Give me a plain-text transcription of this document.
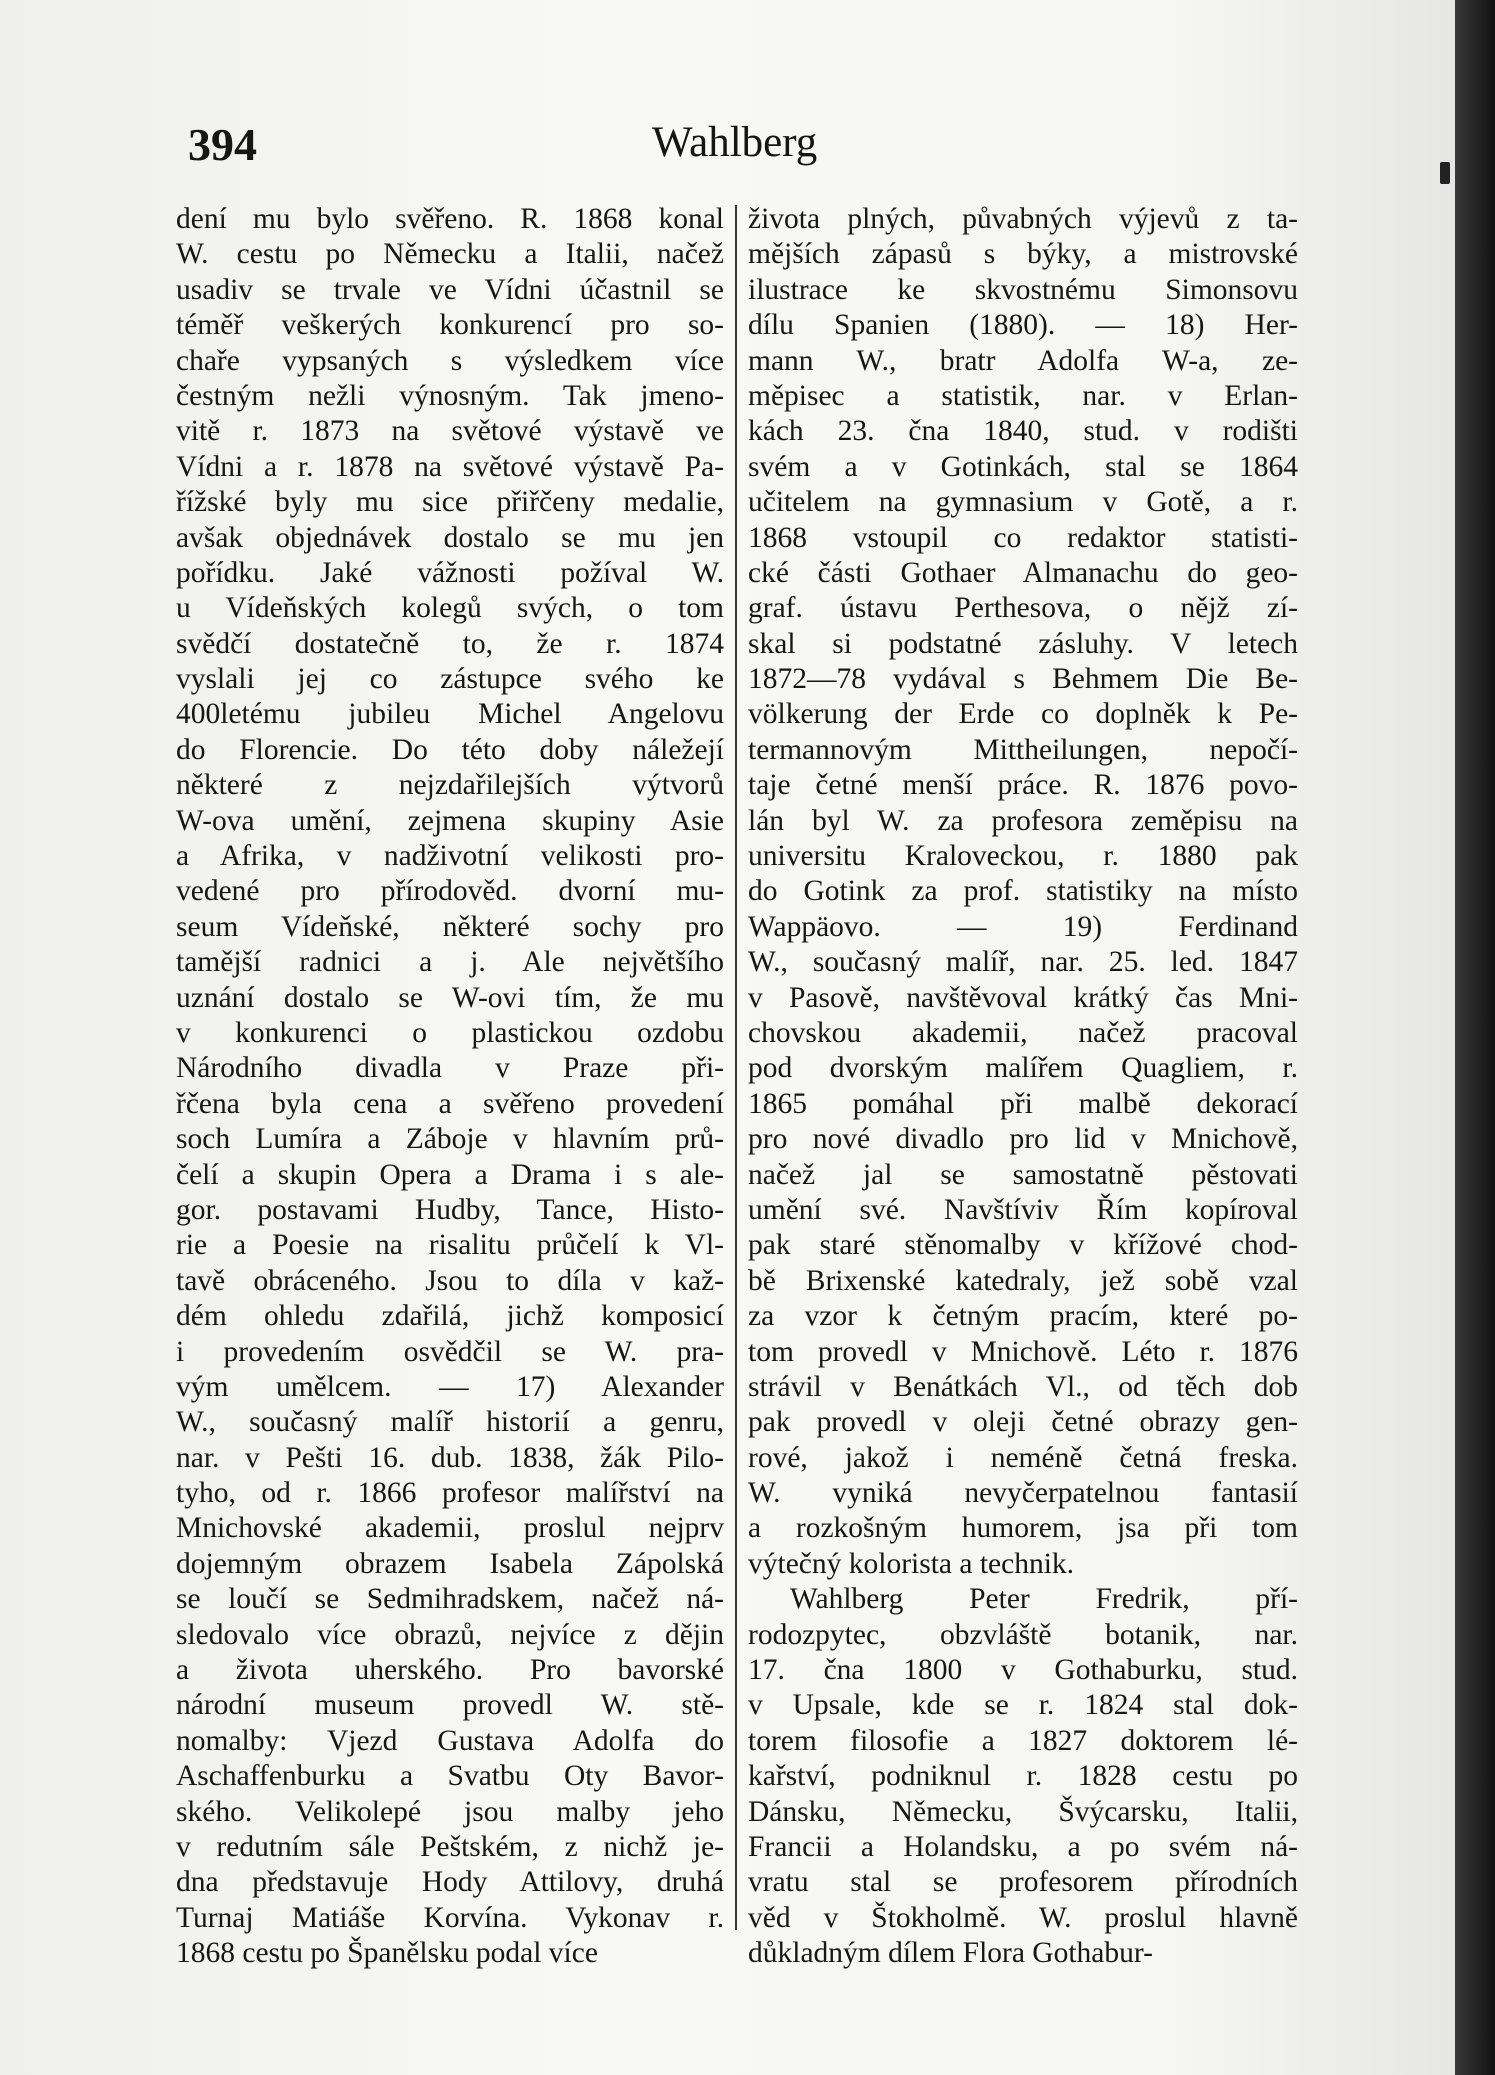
394	Wahlberg
dení mu bylo svěřeno. R. 1868 konal
W. cestu po Německu a Italii, načež
usadiv se trvale ve Vídni účastnil se
téměř veškerých konkurencí pro so-
chaře vypsaných s výsledkem více
čestným nežli výnosným. Tak jmeno-
vitě r. 1873 na světové výstavě ve
Vídni a r. 1878 na světové výstavě Pa-
řížské byly mu sice přiřčeny medalie,
avšak objednávek dostalo se mu jen
pořídku. Jaké vážnosti požíval W.
u Vídeňských kolegů svých, o tom
svědčí dostatečně to, že r. 1874
vyslali jej co zástupce svého ke
400letému jubileu Michel Angelovu
do Florencie. Do této doby náležejí
některé z nejzdařilejších výtvorů
W-ova umění, zejmena skupiny Asie
a Afrika, v nadživotní velikosti pro-
vedené pro přírodověd. dvorní mu-
seum Vídeňské, některé sochy pro
tamější radnici a j. Ale největšího
uznání dostalo se W-ovi tím, že mu
v konkurenci o plastickou ozdobu
Národního divadla v Praze při-
řčena byla cena a svěřeno provedení
soch Lumíra a Záboje v hlavním prů-
čelí a skupin Opera a Drama i s ale-
gor. postavami Hudby, Tance, Histo-
rie a Poesie na risalitu průčelí k Vl-
tavě obráceného. Jsou to díla v kaž-
dém ohledu zdařilá, jichž komposicí
i provedením osvědčil se W. pra-
vým umělcem. — 17) Alexander
W., současný malíř historií a genru,
nar. v Pešti 16. dub. 1838, žák Pilo-
tyho, od r. 1866 profesor malířství na
Mnichovské akademii, proslul nejprv
dojemným obrazem Isabela Zápolská
se loučí se Sedmihradskem, načež ná-
sledovalo více obrazů, nejvíce z dějin
a života uherského. Pro bavorské
národní museum provedl W. stě-
nomalby: Vjezd Gustava Adolfa do
Aschaffenburku a Svatbu Oty Bavor-
ského. Velikolepé jsou malby jeho
v redutním sále Peštském, z nichž je-
dna představuje Hody Attilovy, druhá
Turnaj Matiáše Korvína. Vykonav r.
1868 cestu po Španělsku podal více
života plných, půvabných výjevů z ta-
mějších zápasů s býky, a mistrovské
ilustrace ke skvostnému Simonsovu
dílu Spanien (1880). — 18) Her-
mann W., bratr Adolfa W-a, ze-
měpisec a statistik, nar. v Erlan-
kách 23. čna 1840, stud. v rodišti
svém a v Gotinkách, stal se 1864
učitelem na gymnasium v Gotě, a r.
1868 vstoupil co redaktor statisti-
cké části Gothaer Almanachu do geo-
graf. ústavu Perthesova, o nějž zí-
skal si podstatné zásluhy. V letech
1872—78 vydával s Behmem Die Be-
völkerung der Erde co doplněk k Pe-
termannovým Mittheilungen, nepočí-
taje četné menší práce. R. 1876 povo-
lán byl W. za profesora zeměpisu na
universitu Kraloveckou, r. 1880 pak
do Gotink za prof. statistiky na místo
Wappäovo. — 19) Ferdinand
W., současný malíř, nar. 25. led. 1847
v Pasově, navštěvoval krátký čas Mni-
chovskou akademii, načež pracoval
pod dvorským malířem Quagliem, r.
1865 pomáhal při malbě dekorací
pro nové divadlo pro lid v Mnichově,
načež jal se samostatně pěstovati
umění své. Navštíviv Řím kopíroval
pak staré stěnomalby v křížové chod-
bě Brixenské katedraly, jež sobě vzal
za vzor k četným pracím, které po-
tom provedl v Mnichově. Léto r. 1876
strávil v Benátkách Vl., od těch dob
pak provedl v oleji četné obrazy gen-
rové, jakož i neméně četná freska.
W. vyniká nevyčerpatelnou fantasií
a rozkošným humorem, jsa při tom
výtečný kolorista a technik.
Wahlberg Peter Fredrik, pří-
rodozpytec, obzvláště botanik, nar.
17. čna 1800 v Gothaburku, stud.
v Upsale, kde se r. 1824 stal dok-
torem filosofie a 1827 doktorem lé-
kařství, podniknul r. 1828 cestu po
Dánsku, Německu, Švýcarsku, Italii,
Francii a Holandsku, a po svém ná-
vratu stal se profesorem přírodních
věd v Štokholmě. W. proslul hlavně
důkladným dílem Flora Gothabur-
